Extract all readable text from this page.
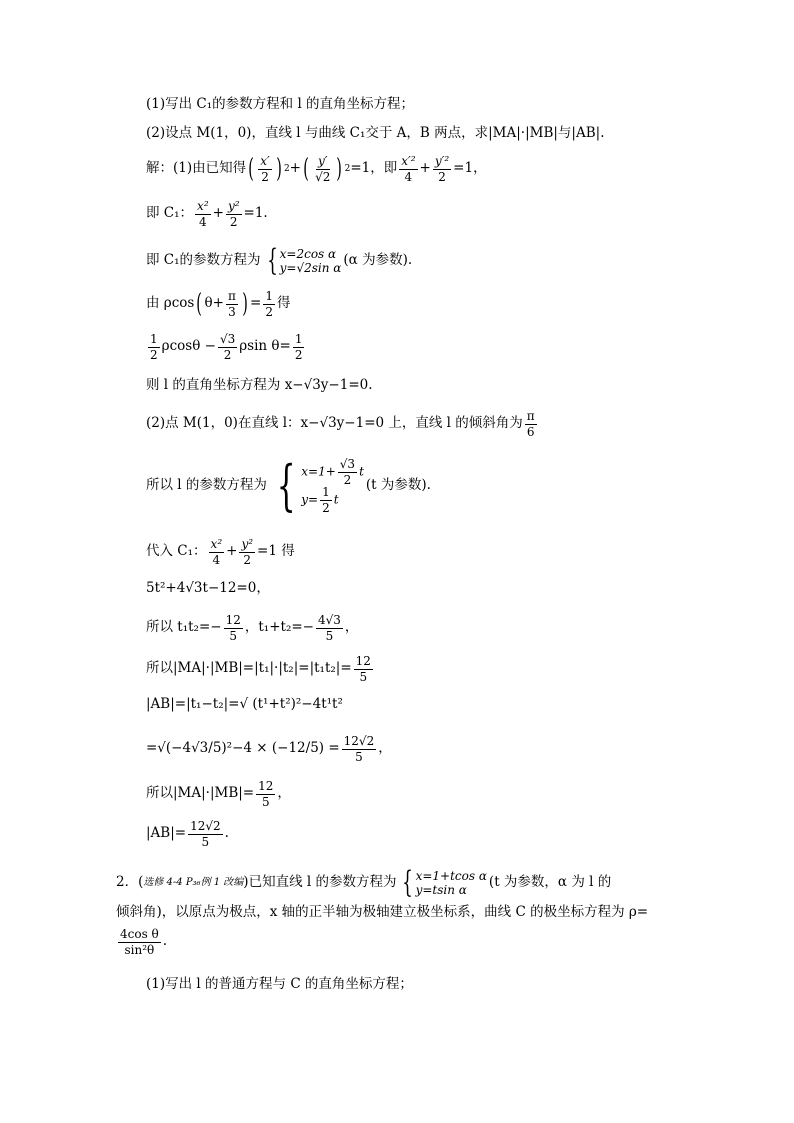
(1)写出 C₁的参数方程和 l 的直角坐标方程；
(2)设点 M(1，0)，直线 l 与曲线 C₁交于 A，B 两点，求|MA|·|MB|与|AB|.
解：(1)由已知得 ( $\frac{x'}{2}$ ) 2 + ( $\frac{y'}{√2}$ ) 2 =1，即 $\frac{\text{x′²}}{4} + \frac{\text{y′²}}{2} =1$，
即 C₁： $\frac{\text{x²}}{4} + \frac{\text{y²}}{2} =1$.
即 C₁的参数方程为 { x=2cos α
y=√2sin α (α 为参数).
由 ρcos ( $\theta+ \frac{\pi}{3}$ ) = $\frac{1}{2}$ 得
$\frac{1}{2}$ $\rho\cos\theta - \frac{√3}{2}$ ρsin $\theta= \frac{1}{2}$
则 l 的直角坐标方程为 x−√3y−1=0.
(2)点 M(1，0)在直线 l：x−√3y−1=0 上，直线 l 的倾斜角为 $\frac{\pi}{6}$
所以 l 的参数方程为 { $x=1+ \frac{√3}{2}$ t
$y= \frac{1}{2}$ t
(t 为参数).
代入 C₁： $\frac{\text{x²}}{4} + \frac{\text{y²}}{2} =1$ 得
5t²+4√3t−12=0，
所以 $t_1t_2=- \frac{12}{5}$ ，$t_1+t_2=- \frac{4√3}{5}$ ，
所以$|MA|\cdot|MB|=|t_1|\cdot|t_2|=|t_1t_2|= \frac{12}{5}$
|AB|=|t₁−t₂|=√ (t¹+t²)²−4t¹t²
$=√(-4√3/5)^2-4 \times (-12/5) = \frac{12√2}{5}$ ，
所以$|MA|\cdot|MB|= \frac{12}{5}$ ，
$|AB|= \frac{12√2}{5}$ .
2．( 选修 4-4 P₃₆例 1 改编 )已知直线 l 的参数方程为 { x=1+tcos α
y=tsin α	(t 为参数，α 为 l 的
倾斜角)，以原点为极点，x 轴的正半轴为极轴建立极坐标系，曲线 C 的极坐标方程为 ρ=
$\frac{\text{4cos θ}}{\text{sin²θ}}$ .
(1)写出 l 的普通方程与 C 的直角坐标方程；
